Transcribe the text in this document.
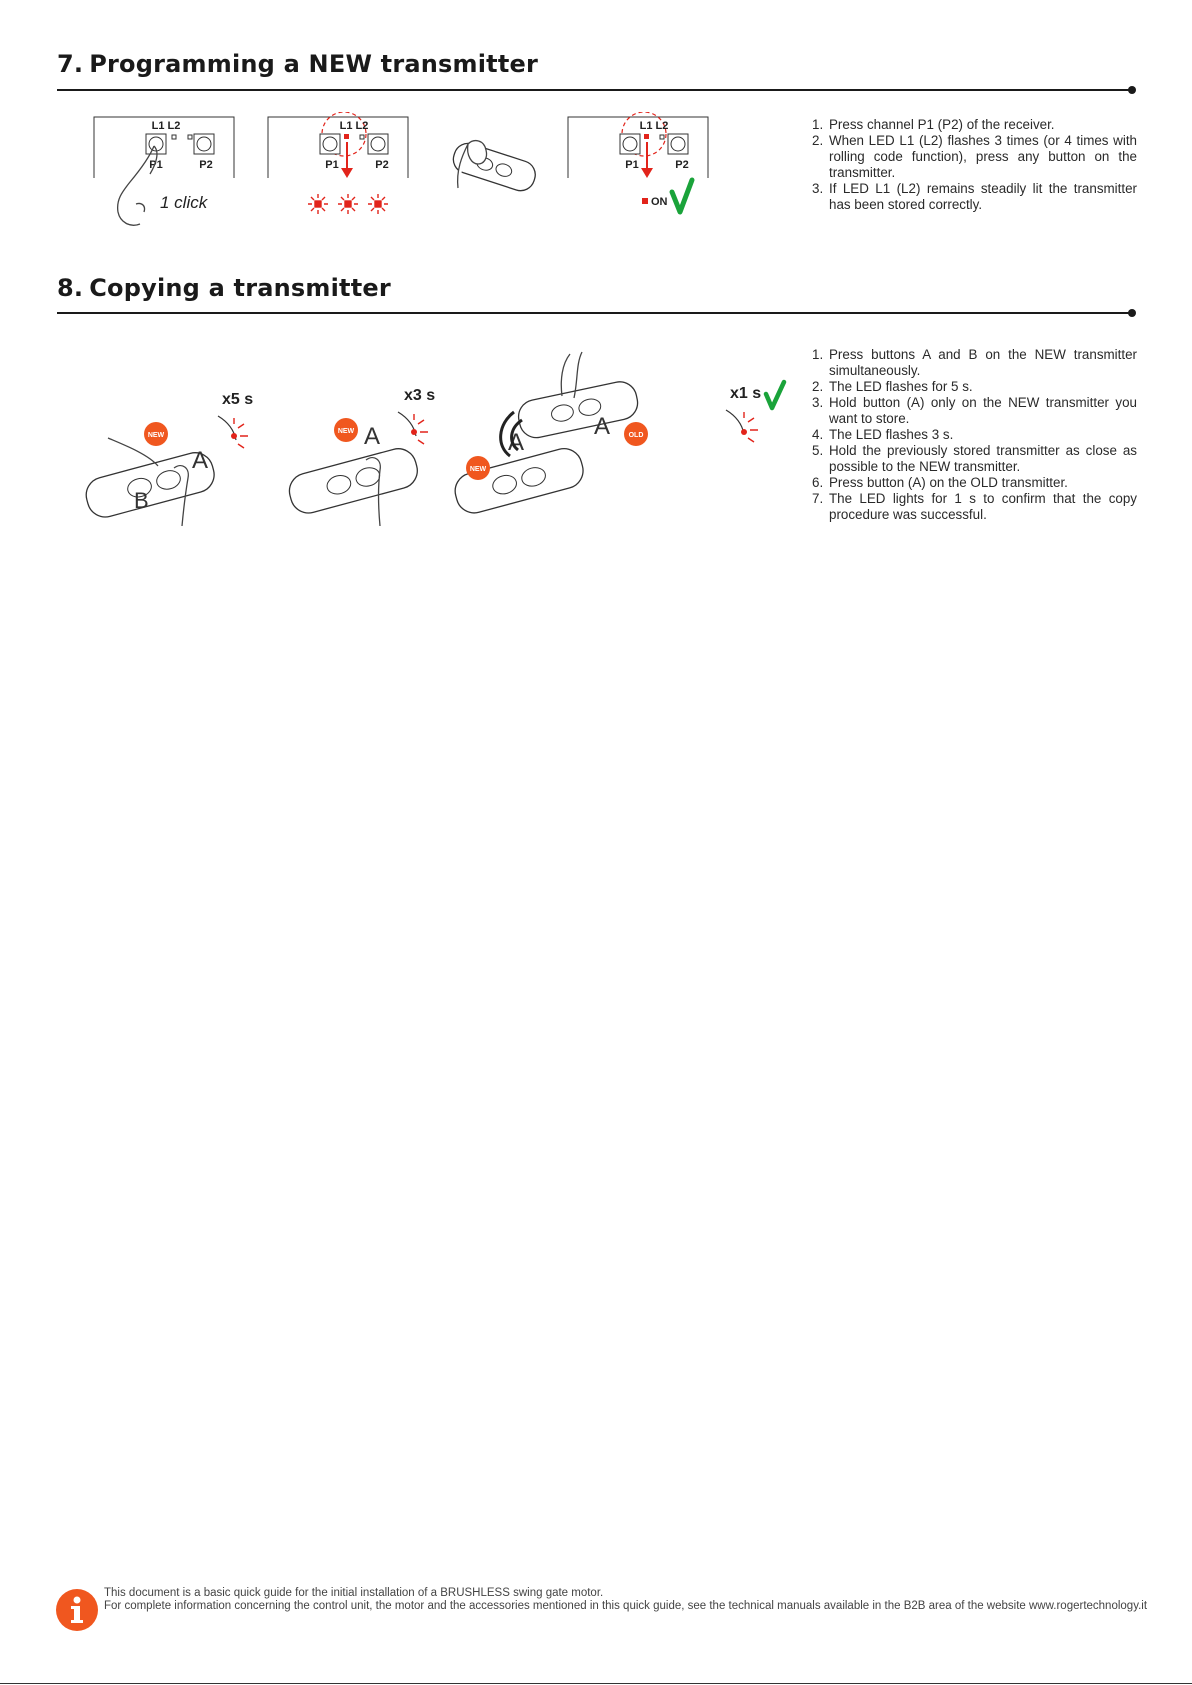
7. Programming a NEW transmitter
L1 L2
P1	P2
1 click
L1 L2
P1	P2
L1 L2
P1	P2
ON
1. Press channel P1 (P2) of the receiver.
2. When LED L1 (L2) flashes 3 times (or 4 times with rolling code function), press any button on the transmitter.
3. If LED L1 (L2) remains steadily lit the transmitter has been stored correctly.
8. Copying a transmitter
x5 s
NEW
A
B
x3 s
NEW A
NEW
A	OLD
A
x1 s
1. Press buttons A and B on the NEW transmitter simultaneously.
2. The LED flashes for 5 s.
3. Hold button (A) only on the NEW transmitter you want to store.
4. The LED flashes 3 s.
5. Hold the previously stored transmitter as close as possible to the NEW transmitter.
6. Press button (A) on the OLD transmitter.
7. The LED lights for 1 s to confirm that the copy procedure was successful.

This document is a basic quick guide for the initial installation of a BRUSHLESS swing gate motor.

For complete information concerning the control unit, the motor and the accessories mentioned in this quick guide, see the technical manuals available in the B2B area of the website www.rogertechnology.it
